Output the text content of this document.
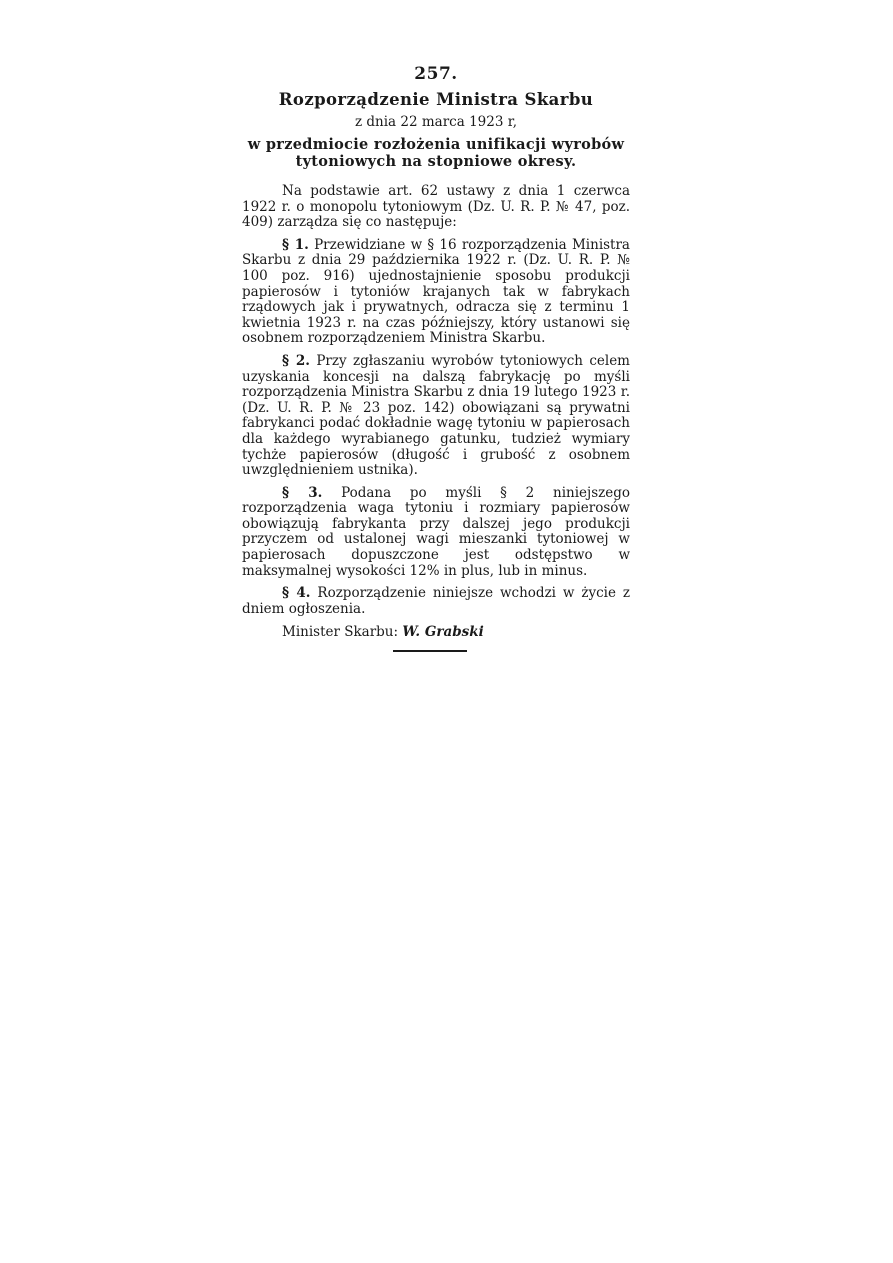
257.
Rozporządzenie Ministra Skarbu
z dnia 22 marca 1923 r,
w przedmiocie rozłożenia unifikacji wyrobów tytoniowych na stopniowe okresy.

Na podstawie art. 62 ustawy z dnia 1 czerwca 1922 r. o monopolu tytoniowym (Dz. U. R. P. № 47, poz. 409) zarządza się co następuje:

§ 1. Przewidziane w § 16 rozporządzenia Ministra Skarbu z dnia 29 października 1922 r. (Dz. U. R. P. № 100 poz. 916) ujednostajnienie sposobu produkcji papierosów i tytoniów krajanych tak w fabrykach rządowych jak i prywatnych, odracza się z terminu 1 kwietnia 1923 r. na czas późniejszy, który ustanowi się osobnem rozporządzeniem Ministra Skarbu.

§ 2. Przy zgłaszaniu wyrobów tytoniowych celem uzyskania koncesji na dalszą fabrykację po myśli rozporządzenia Ministra Skarbu z dnia 19 lutego 1923 r. (Dz. U. R. P. № 23 poz. 142) obowiązani są prywatni fabrykanci podać dokładnie wagę tytoniu w papierosach dla każdego wyrabianego gatunku, tudzież wymiary tychże papierosów (długość i grubość z osobnem uwzględnieniem ustnika).

§ 3. Podana po myśli § 2 niniejszego rozporządzenia waga tytoniu i rozmiary papierosów obowiązują fabrykanta przy dalszej jego produkcji przyczem od ustalonej wagi mieszanki tytoniowej w papierosach dopuszczone jest odstępstwo w maksymalnej wysokości 12% in plus, lub in minus.

§ 4. Rozporządzenie niniejsze wchodzi w życie z dniem ogłoszenia.

Minister Skarbu: W. Grabski
